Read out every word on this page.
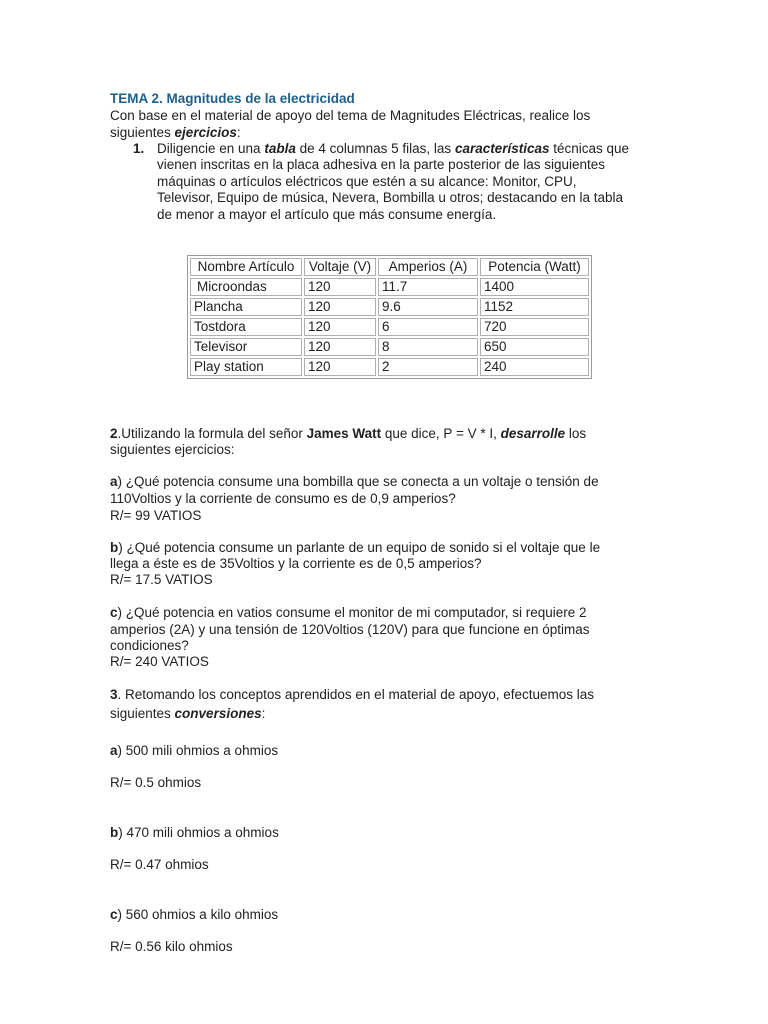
TEMA 2. Magnitudes de la electricidad

Con base en el material de apoyo del tema de Magnitudes Eléctricas, realice los

siguientes ejercicios:

1. Diligencie en una tabla de 4 columnas 5 filas, las características técnicas que

vienen inscritas en la placa adhesiva en la parte posterior de las siguientes

máquinas o artículos eléctricos que estén a su alcance: Monitor, CPU,

Televisor, Equipo de música, Nevera, Bombilla u otros; destacando en la tabla

de menor a mayor el artículo que más consume energía.

Nombre Artículo	Voltaje (V)	Amperios (A)	Potencia (Watt)
Microondas	120	11.7	1400
Plancha	120	9.6	1152
Tostdora	120	6	720
Televisor	120	8	650
Play station	120	2	240

2.Utilizando la formula del señor James Watt que dice, P = V * I, desarrolle los

siguientes ejercicios:

a) ¿Qué potencia consume una bombilla que se conecta a un voltaje o tensión de

110Voltios y la corriente de consumo es de 0,9 amperios?

R/= 99 VATIOS

b) ¿Qué potencia consume un parlante de un equipo de sonido si el voltaje que le

llega a éste es de 35Voltios y la corriente es de 0,5 amperios?

R/= 17.5 VATIOS

c) ¿Qué potencia en vatios consume el monitor de mi computador, si requiere 2

amperios (2A) y una tensión de 120Voltios (120V) para que funcione en óptimas

condiciones?

R/= 240 VATIOS

3. Retomando los conceptos aprendidos en el material de apoyo, efectuemos las

siguientes conversiones:

a) 500 mili ohmios a ohmios

R/= 0.5 ohmios

b) 470 mili ohmios a ohmios

R/= 0.47 ohmios

c) 560 ohmios a kilo ohmios

R/= 0.56 kilo ohmios
